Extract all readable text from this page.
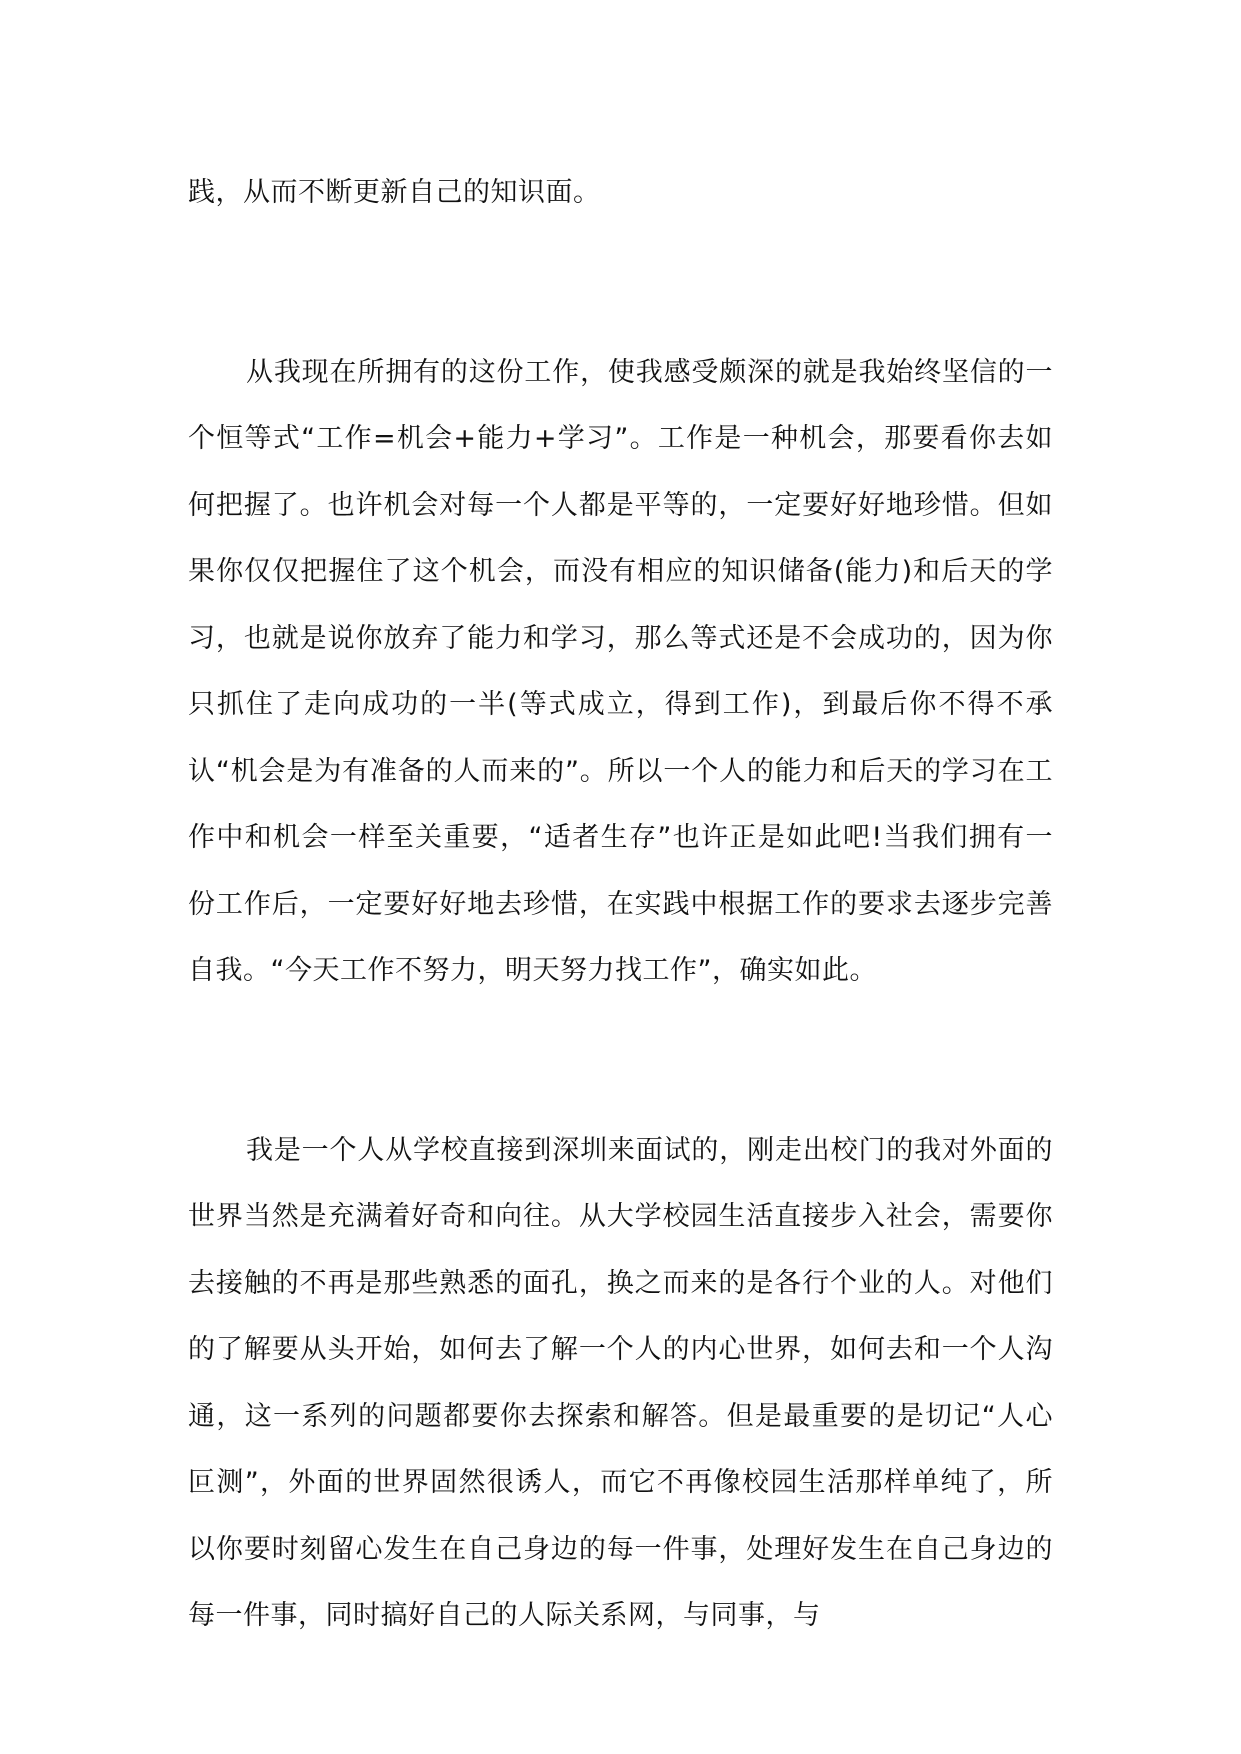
践，从而不断更新自己的知识面。

从我现在所拥有的这份工作，使我感受颇深的就是我始终坚信的一个恒等式“工作=机会+能力+学习”。工作是一种机会，那要看你去如何把握了。也许机会对每一个人都是平等的，一定要好好地珍惜。但如果你仅仅把握住了这个机会，而没有相应的知识储备(能力)和后天的学习，也就是说你放弃了能力和学习，那么等式还是不会成功的，因为你只抓住了走向成功的一半(等式成立，得到工作)，到最后你不得不承认“机会是为有准备的人而来的”。所以一个人的能力和后天的学习在工作中和机会一样至关重要，“适者生存”也许正是如此吧!当我们拥有一份工作后，一定要好好地去珍惜，在实践中根据工作的要求去逐步完善自我。“今天工作不努力，明天努力找工作”，确实如此。

我是一个人从学校直接到深圳来面试的，刚走出校门的我对外面的世界当然是充满着好奇和向往。从大学校园生活直接步入社会，需要你去接触的不再是那些熟悉的面孔，换之而来的是各行个业的人。对他们的了解要从头开始，如何去了解一个人的内心世界，如何去和一个人沟通，这一系列的问题都要你去探索和解答。但是最重要的是切记“人心叵测”，外面的世界固然很诱人，而它不再像校园生活那样单纯了，所以你要时刻留心发生在自己身边的每一件事，处理好发生在自己身边的每一件事，同时搞好自己的人际关系网，与同事，与
